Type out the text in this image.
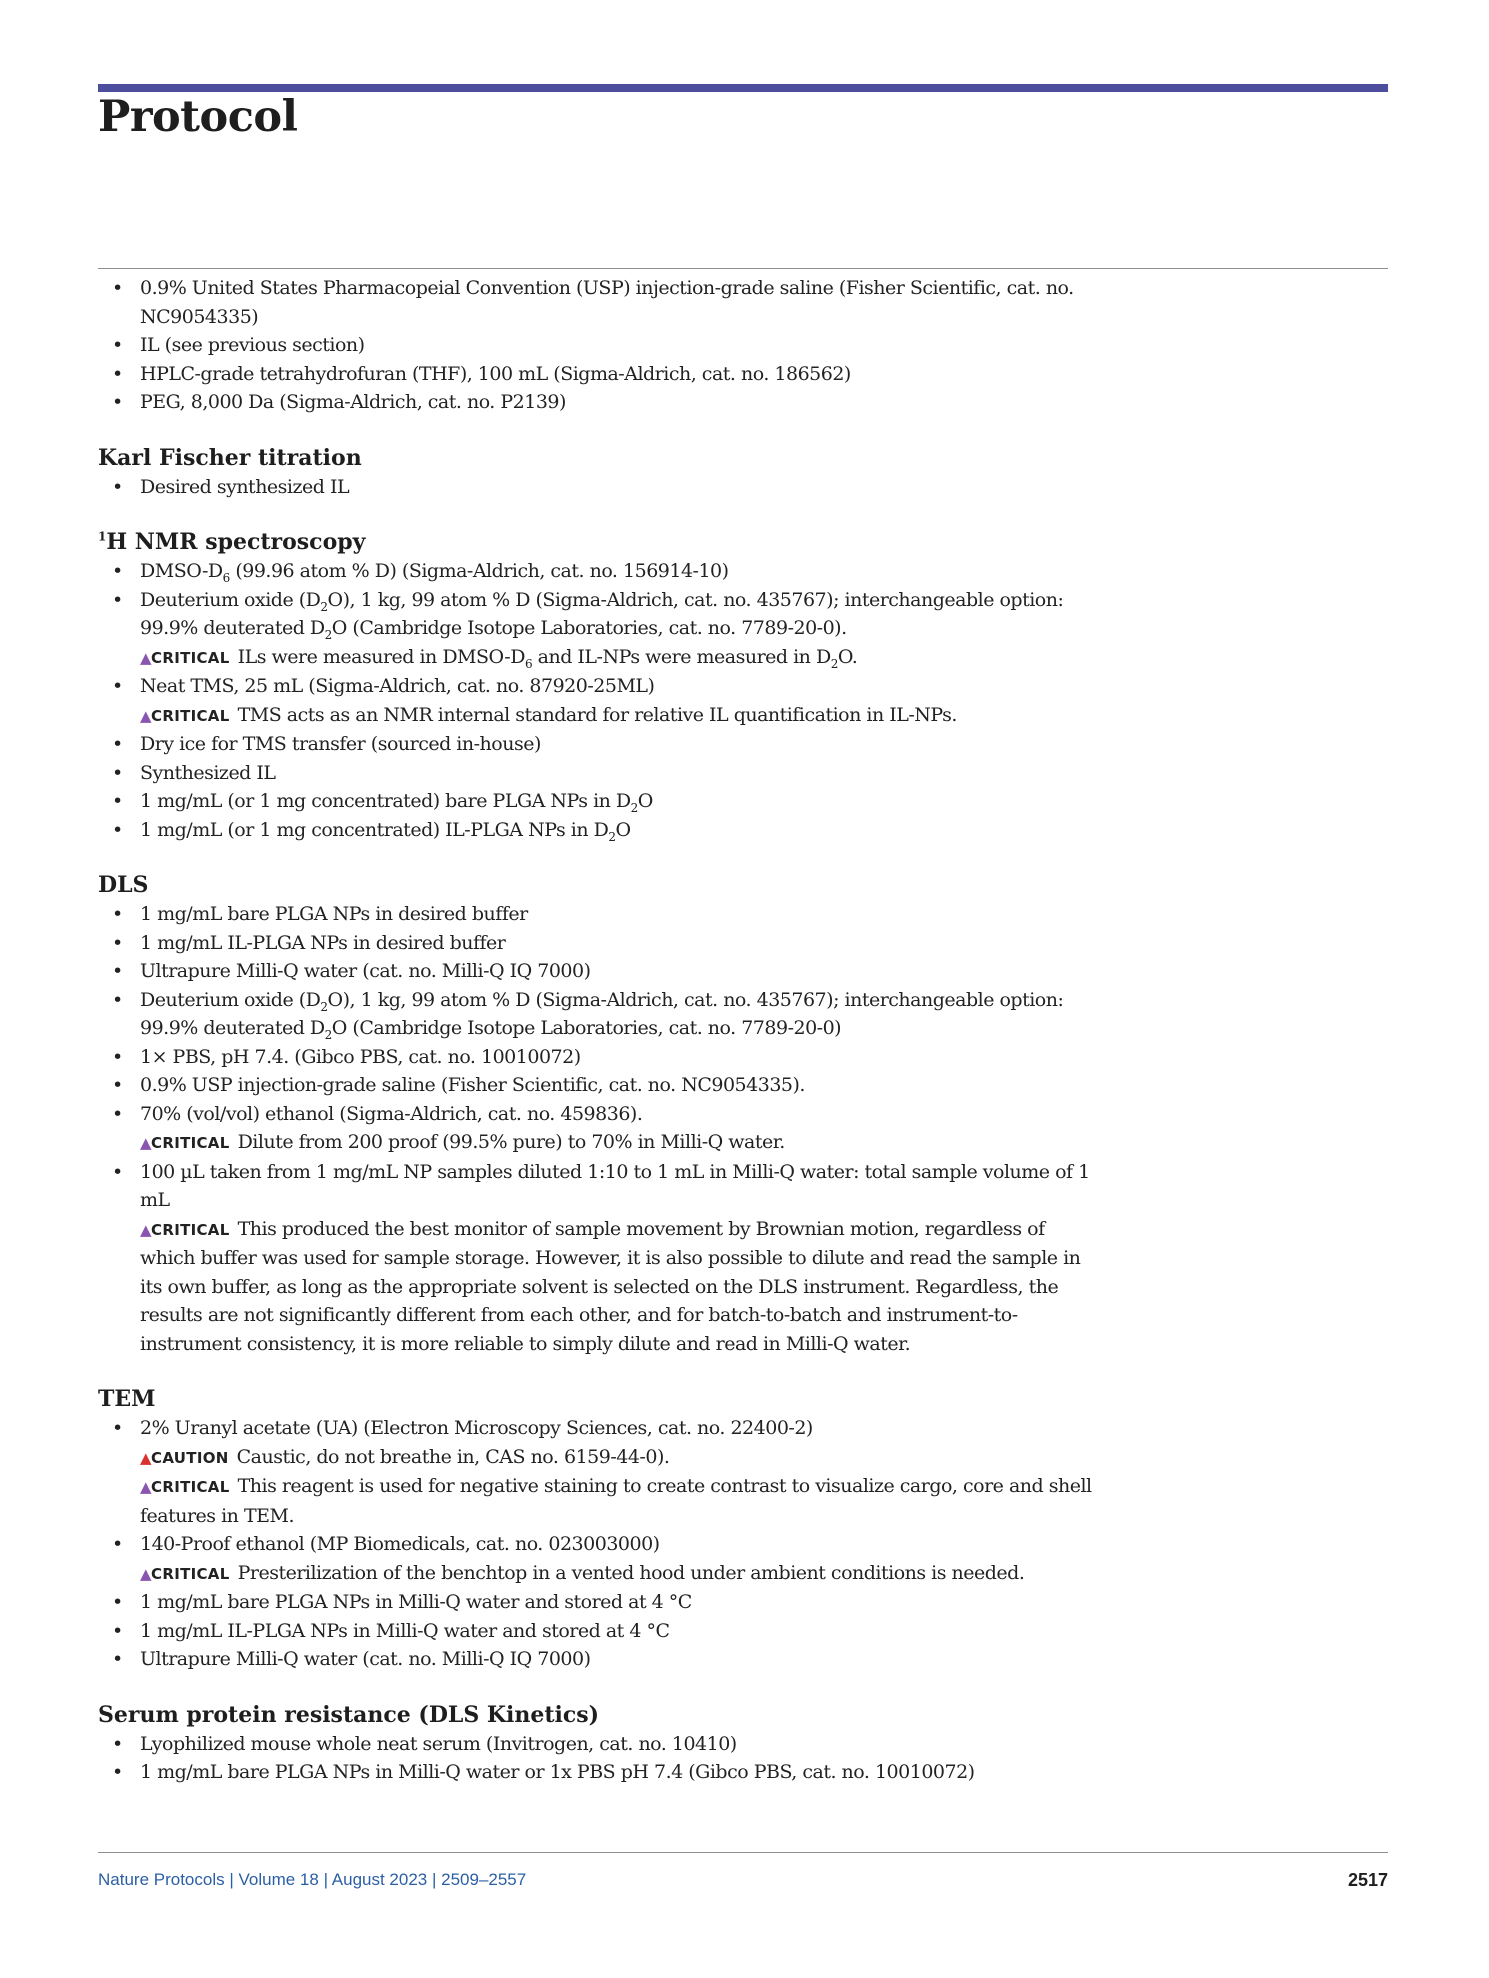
Protocol
• 0.9% United States Pharmacopeial Convention (USP) injection-grade saline (Fisher Scientific, cat. no. NC9054335)
• IL (see previous section)
• HPLC-grade tetrahydrofuran (THF), 100 mL (Sigma-Aldrich, cat. no. 186562)
• PEG, 8,000 Da (Sigma-Aldrich, cat. no. P2139)
Karl Fischer titration
• Desired synthesized IL
$^1$H NMR spectroscopy
• DMSO-$D_6$ (99.96 atom % D) (Sigma-Aldrich, cat. no. 156914-10)
• Deuterium oxide $(D_2O)$, 1 kg, 99 atom % D (Sigma-Aldrich, cat. no. 435767); interchangeable option: 99.9% deuterated $D_2O$ (Cambridge Isotope Laboratories, cat. no. 7789-20-0).
▲CRITICAL ILs were measured in DMSO-$D_6$ and IL-NPs were measured in $D_2O$.
• Neat TMS, 25 mL (Sigma-Aldrich, cat. no. 87920-25ML)
▲CRITICAL TMS acts as an NMR internal standard for relative IL quantification in IL-NPs.
• Dry ice for TMS transfer (sourced in-house)
• Synthesized IL
• 1 mg/mL (or 1 mg concentrated) bare PLGA NPs in $D_2O$
• 1 mg/mL (or 1 mg concentrated) IL-PLGA NPs in $D_2O$
DLS
• 1 mg/mL bare PLGA NPs in desired buffer
• 1 mg/mL IL-PLGA NPs in desired buffer
• Ultrapure Milli-Q water (cat. no. Milli-Q IQ 7000)
• Deuterium oxide $(D_2O)$, 1 kg, 99 atom % D (Sigma-Aldrich, cat. no. 435767); interchangeable option: 99.9% deuterated $D_2O$ (Cambridge Isotope Laboratories, cat. no. 7789-20-0)
• 1× PBS, pH 7.4. (Gibco PBS, cat. no. 10010072)
• 0.9% USP injection-grade saline (Fisher Scientific, cat. no. NC9054335).
• 70% (vol/vol) ethanol (Sigma-Aldrich, cat. no. 459836).
▲CRITICAL Dilute from 200 proof (99.5% pure) to 70% in Milli-Q water.
• 100 µL taken from 1 mg/mL NP samples diluted 1:10 to 1 mL in Milli-Q water: total sample volume of 1 mL
▲CRITICAL This produced the best monitor of sample movement by Brownian motion, regardless of which buffer was used for sample storage. However, it is also possible to dilute and read the sample in its own buffer, as long as the appropriate solvent is selected on the DLS instrument. Regardless, the results are not significantly different from each other, and for batch-to-batch and instrument-to-instrument consistency, it is more reliable to simply dilute and read in Milli-Q water.
TEM
• 2% Uranyl acetate (UA) (Electron Microscopy Sciences, cat. no. 22400-2)
▲CAUTION Caustic, do not breathe in, CAS no. 6159-44-0).
▲CRITICAL This reagent is used for negative staining to create contrast to visualize cargo, core and shell features in TEM.
• 140-Proof ethanol (MP Biomedicals, cat. no. 023003000)
▲CRITICAL Presterilization of the benchtop in a vented hood under ambient conditions is needed.
• 1 mg/mL bare PLGA NPs in Milli-Q water and stored at 4 °C
• 1 mg/mL IL-PLGA NPs in Milli-Q water and stored at 4 °C
• Ultrapure Milli-Q water (cat. no. Milli-Q IQ 7000)
Serum protein resistance (DLS Kinetics)
• Lyophilized mouse whole neat serum (Invitrogen, cat. no. 10410)
• 1 mg/mL bare PLGA NPs in Milli-Q water or 1x PBS pH 7.4 (Gibco PBS, cat. no. 10010072)
Nature Protocols | Volume 18 | August 2023 | 2509–2557	2517
